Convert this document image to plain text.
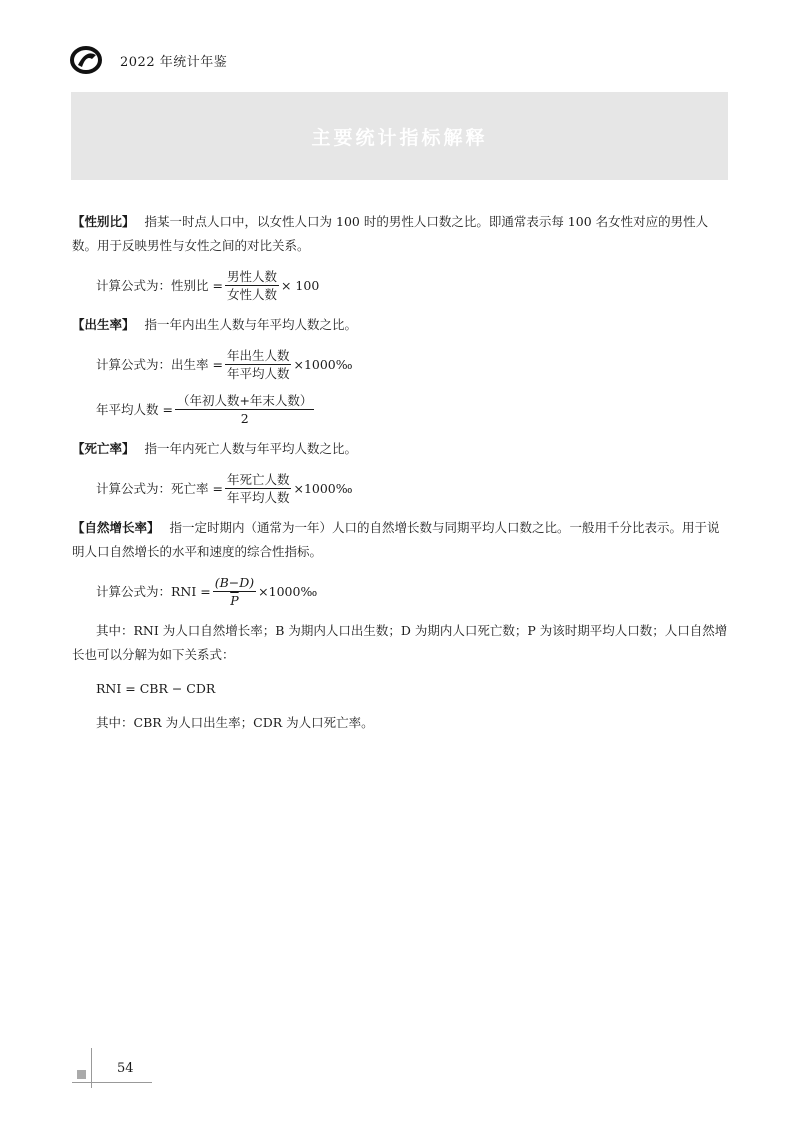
2022 年统计年鉴
主要统计指标解释

【性别比】 指某一时点人口中，以女性人口为 100 时的男性人口数之比。即通常表示每 100 名女性对应的男性人数。用于反映男性与女性之间的对比关系。

计算公式为：性别比 = $\frac{\text{男性人数}}{\text{女性人数}} \times 100$

【出生率】 指一年内出生人数与年平均人数之比。

计算公式为：出生率 = $\frac{\text{年出生人数}}{\text{年平均人数}}$ ×1000‰
年平均人数 = $\frac{\text{（年初人数+年末人数）}}{2}$

【死亡率】 指一年内死亡人数与年平均人数之比。

计算公式为：死亡率 = $\frac{\text{年死亡人数}}{\text{年平均人数}}$ ×1000‰

【自然增长率】 指一定时期内（通常为一年）人口的自然增长数与同期平均人口数之比。一般用千分比表示。用于说明人口自然增长的水平和速度的综合性指标。

计算公式为：RNI = $\frac{(B-D)}{P}$ ×1000‰

其中：RNI 为人口自然增长率；B 为期内人口出生数；D 为期内人口死亡数；P 为该时期平均人口数；人口自然增长也可以分解为如下关系式：

RNI = CBR − CDR

其中：CBR 为人口出生率；CDR 为人口死亡率。

54
